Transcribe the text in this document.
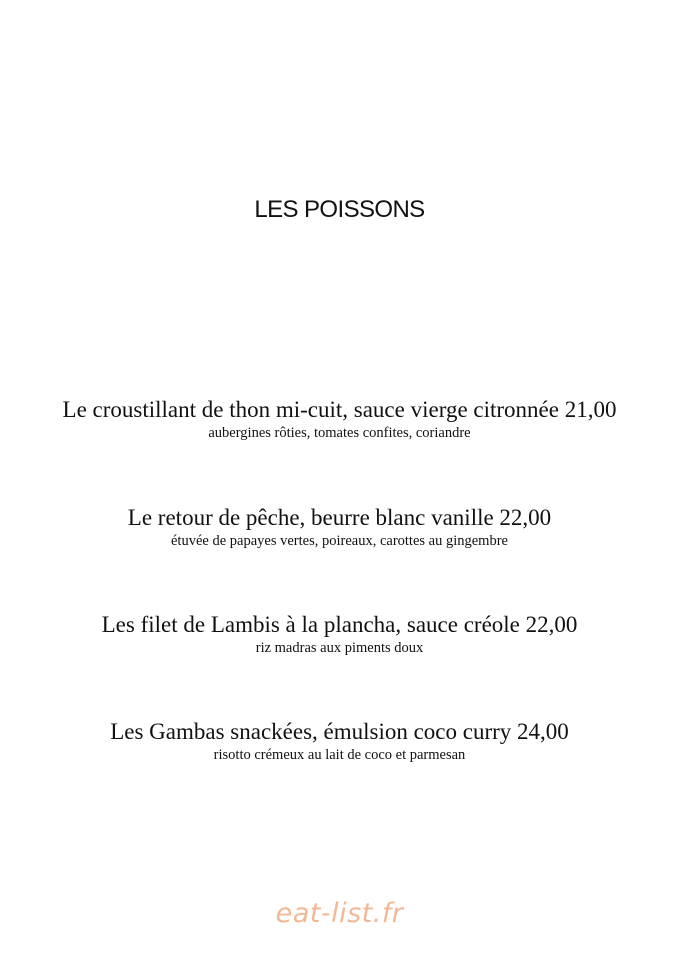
LES POISSONS
Le croustillant de thon mi-cuit, sauce vierge citronnée 21,00
aubergines rôties, tomates confites, coriandre
Le retour de pêche, beurre blanc vanille 22,00
étuvée de papayes vertes, poireaux, carottes au gingembre
Les filet de Lambis à la plancha, sauce créole 22,00
riz madras aux piments doux
Les Gambas snackées, émulsion coco curry 24,00
risotto crémeux au lait de coco et parmesan
eat-list.fr
